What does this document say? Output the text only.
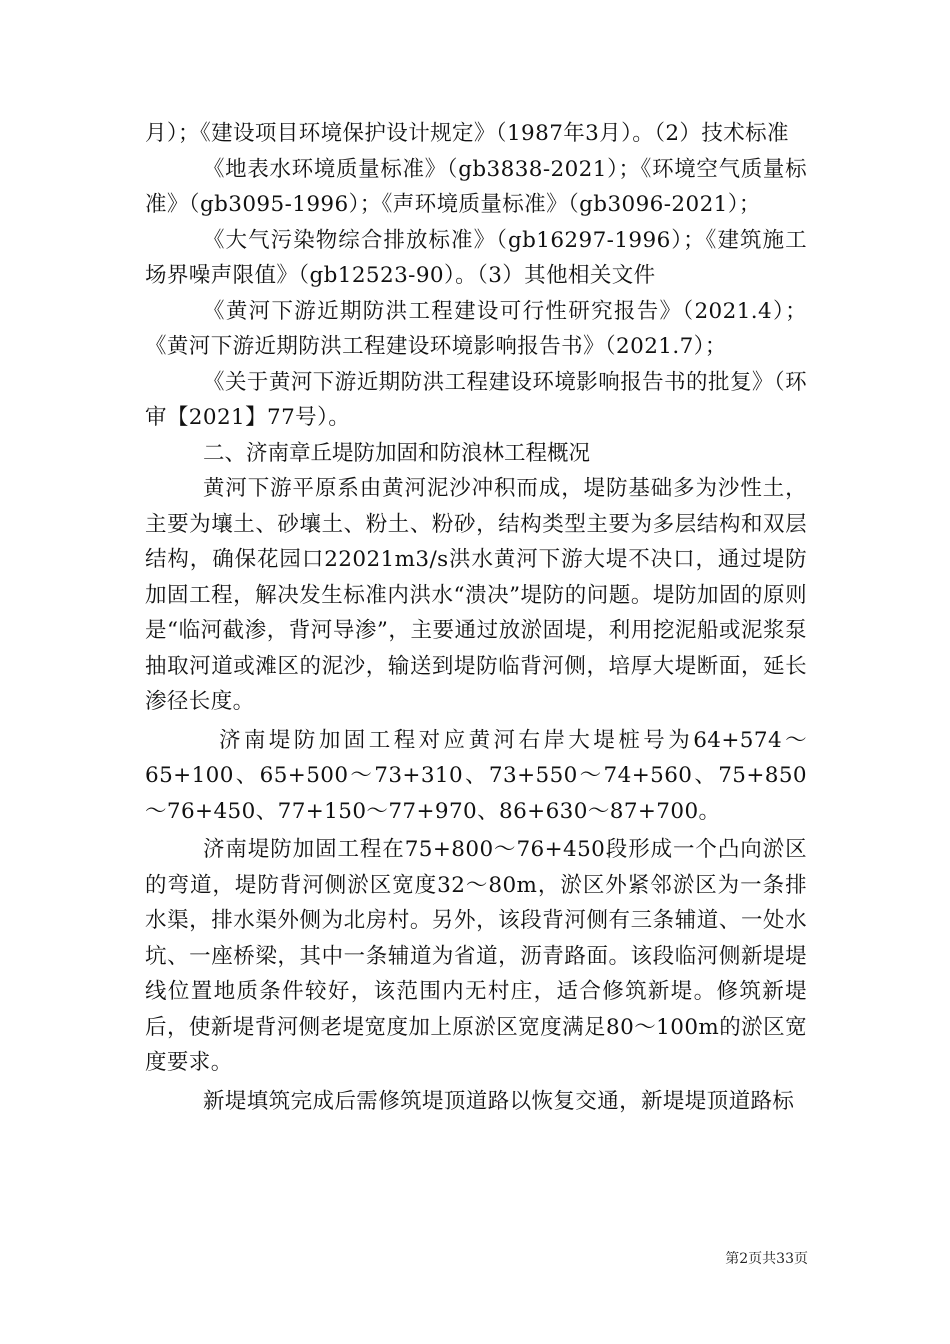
月）；《建设项目环境保护设计规定》（1987年3月）。（2）技术标准

《地表水环境质量标准》（gb3838-2021）；《环境空气质量标准》（gb3095-1996）；《声环境质量标准》（gb3096-2021）；

《大气污染物综合排放标准》（gb16297-1996）；《建筑施工场界噪声限值》（gb12523-90）。（3）其他相关文件

《黄河下游近期防洪工程建设可行性研究报告》（2021.4）；《黄河下游近期防洪工程建设环境影响报告书》（2021.7）；

《关于黄河下游近期防洪工程建设环境影响报告书的批复》（环审【2021】77号）。

二、济南章丘堤防加固和防浪林工程概况

黄河下游平原系由黄河泥沙冲积而成，堤防基础多为沙性土，主要为壤土、砂壤土、粉土、粉砂，结构类型主要为多层结构和双层结构，确保花园口22021m3/s洪水黄河下游大堤不决口，通过堤防加固工程，解决发生标准内洪水“溃决”堤防的问题。堤防加固的原则是“临河截渗，背河导渗”，主要通过放淤固堤，利用挖泥船或泥浆泵抽取河道或滩区的泥沙，输送到堤防临背河侧，培厚大堤断面，延长渗径长度。

济南堤防加固工程对应黄河右岸大堤桩号为64+574～65+100、65+500～73+310、73+550～74+560、75+850～76+450、77+150～77+970、86+630～87+700。

济南堤防加固工程在75+800～76+450段形成一个凸向淤区的弯道，堤防背河侧淤区宽度32～80m，淤区外紧邻淤区为一条排水渠，排水渠外侧为北房村。另外，该段背河侧有三条辅道、一处水坑、一座桥梁，其中一条辅道为省道，沥青路面。该段临河侧新堤堤线位置地质条件较好，该范围内无村庄，适合修筑新堤。修筑新堤后，使新堤背河侧老堤宽度加上原淤区宽度满足80～100m的淤区宽度要求。

新堤填筑完成后需修筑堤顶道路以恢复交通，新堤堤顶道路标

第2页共33页
